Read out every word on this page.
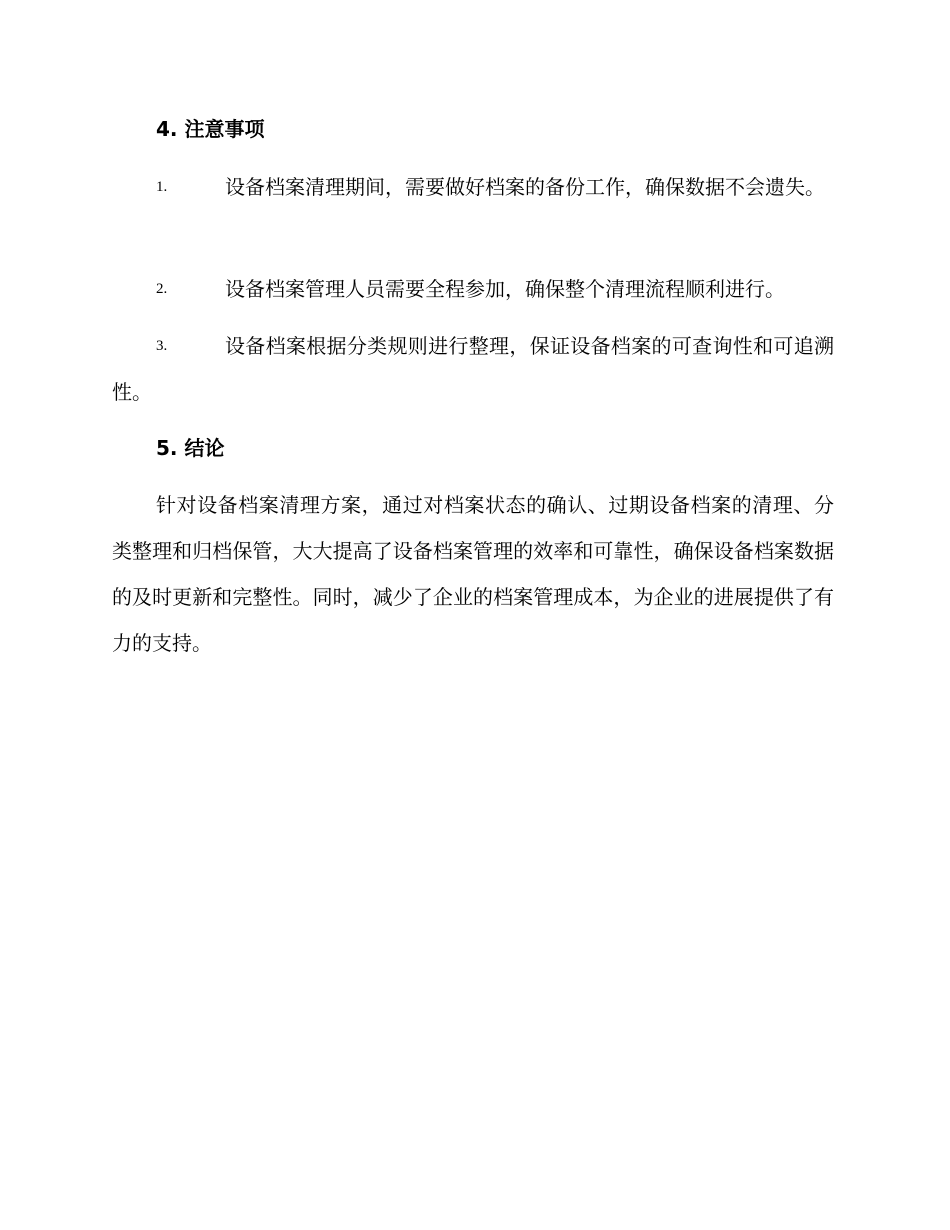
4. 注意事项
1.	设备档案清理期间，需要做好档案的备份工作，确保数据不会遗失。

2.	设备档案管理人员需要全程参加，确保整个清理流程顺利进行。

3.	设备档案根据分类规则进行整理，保证设备档案的可查询性和可追溯性。

5. 结论

针对设备档案清理方案，通过对档案状态的确认、过期设备档案的清理、分类整理和归档保管，大大提高了设备档案管理的效率和可靠性，确保设备档案数据的及时更新和完整性。同时，减少了企业的档案管理成本，为企业的进展提供了有力的支持。
